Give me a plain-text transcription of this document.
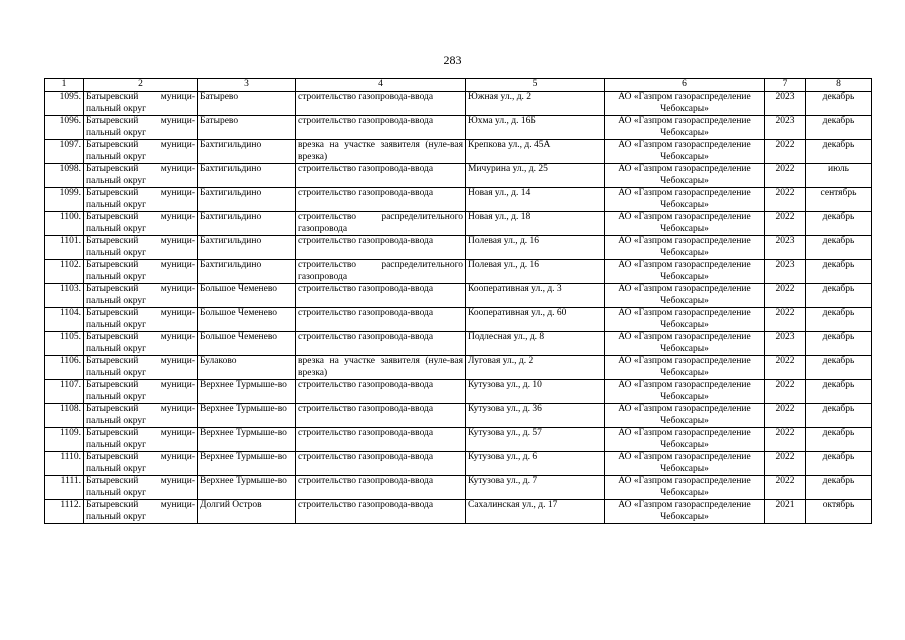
283
1	2	3	4	5	6	7	8
1095.	Батыревский муници-пальный округ	Батырево	строительство газопровода-ввода	Южная ул., д. 2	АО «Газпром газораспределение Чебоксары»	2023	декабрь
1096.	Батыревский муници-пальный округ	Батырево	строительство газопровода-ввода	Юхма ул., д. 16Б	АО «Газпром газораспределение Чебоксары»	2023	декабрь
1097.	Батыревский муници-пальный округ	Бахтигильдино	врезка на участке заявителя (нуле-вая врезка)	Крепкова ул., д. 45А	АО «Газпром газораспределение Чебоксары»	2022	декабрь
1098.	Батыревский муници-пальный округ	Бахтигильдино	строительство газопровода-ввода	Мичурина ул., д. 25	АО «Газпром газораспределение Чебоксары»	2022	июль
1099.	Батыревский муници-пальный округ	Бахтигильдино	строительство газопровода-ввода	Новая ул., д. 14	АО «Газпром газораспределение Чебоксары»	2022	сентябрь
1100.	Батыревский муници-пальный округ	Бахтигильдино	строительство распределительного газопровода	Новая ул., д. 18	АО «Газпром газораспределение Чебоксары»	2022	декабрь
1101.	Батыревский муници-пальный округ	Бахтигильдино	строительство газопровода-ввода	Полевая ул., д. 16	АО «Газпром газораспределение Чебоксары»	2023	декабрь
1102.	Батыревский муници-пальный округ	Бахтигильдино	строительство распределительного газопровода	Полевая ул., д. 16	АО «Газпром газораспределение Чебоксары»	2023	декабрь
1103.	Батыревский муници-пальный округ	Большое Чеменево	строительство газопровода-ввода	Кооперативная ул., д. 3	АО «Газпром газораспределение Чебоксары»	2022	декабрь
1104.	Батыревский муници-пальный округ	Большое Чеменево	строительство газопровода-ввода	Кооперативная ул., д. 60	АО «Газпром газораспределение Чебоксары»	2022	декабрь
1105.	Батыревский муници-пальный округ	Большое Чеменево	строительство газопровода-ввода	Подлесная ул., д. 8	АО «Газпром газораспределение Чебоксары»	2023	декабрь
1106.	Батыревский муници-пальный округ	Булаково	врезка на участке заявителя (нуле-вая врезка)	Луговая ул., д. 2	АО «Газпром газораспределение Чебоксары»	2022	декабрь
1107.	Батыревский муници-пальный округ	Верхнее Турмыше-во	строительство газопровода-ввода	Кутузова ул., д. 10	АО «Газпром газораспределение Чебоксары»	2022	декабрь
1108.	Батыревский муници-пальный округ	Верхнее Турмыше-во	строительство газопровода-ввода	Кутузова ул., д. 36	АО «Газпром газораспределение Чебоксары»	2022	декабрь
1109.	Батыревский муници-пальный округ	Верхнее Турмыше-во	строительство газопровода-ввода	Кутузова ул., д. 57	АО «Газпром газораспределение Чебоксары»	2022	декабрь
1110.	Батыревский муници-пальный округ	Верхнее Турмыше-во	строительство газопровода-ввода	Кутузова ул., д. 6	АО «Газпром газораспределение Чебоксары»	2022	декабрь
1111.	Батыревский муници-пальный округ	Верхнее Турмыше-во	строительство газопровода-ввода	Кутузова ул., д. 7	АО «Газпром газораспределение Чебоксары»	2022	декабрь
1112.	Батыревский муници-пальный округ	Долгий Остров	строительство газопровода-ввода	Сахалинская ул., д. 17	АО «Газпром газораспределение Чебоксары»	2021	октябрь
